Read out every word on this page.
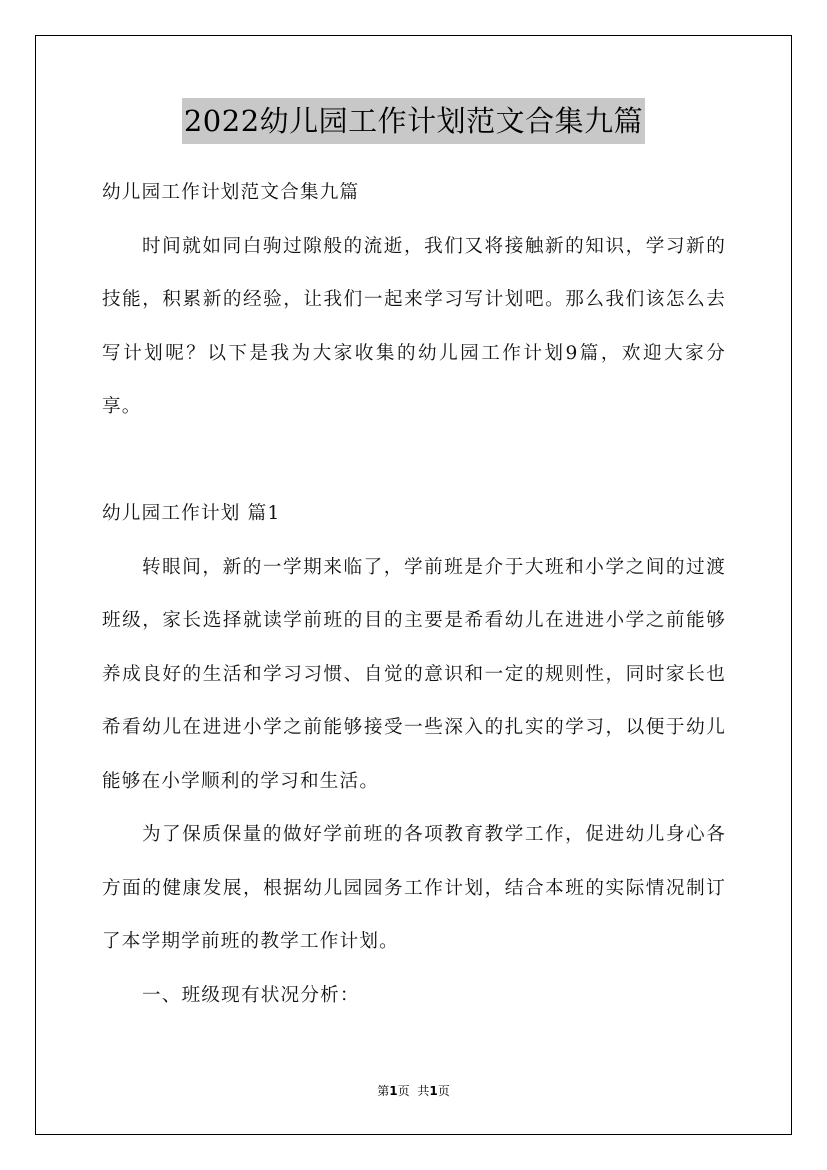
2022幼儿园工作计划范文合集九篇

幼儿园工作计划范文合集九篇

时间就如同白驹过隙般的流逝，我们又将接触新的知识，学习新的技能，积累新的经验，让我们一起来学习写计划吧。那么我们该怎么去写计划呢？以下是我为大家收集的幼儿园工作计划9篇，欢迎大家分享。

幼儿园工作计划 篇1

转眼间，新的一学期来临了，学前班是介于大班和小学之间的过渡班级，家长选择就读学前班的目的主要是希看幼儿在进进小学之前能够养成良好的生活和学习习惯、自觉的意识和一定的规则性，同时家长也希看幼儿在进进小学之前能够接受一些深入的扎实的学习，以便于幼儿能够在小学顺利的学习和生活。

为了保质保量的做好学前班的各项教育教学工作，促进幼儿身心各方面的健康发展，根据幼儿园园务工作计划，结合本班的实际情况制订了本学期学前班的教学工作计划。

一、班级现有状况分析：

第1页 共1页
